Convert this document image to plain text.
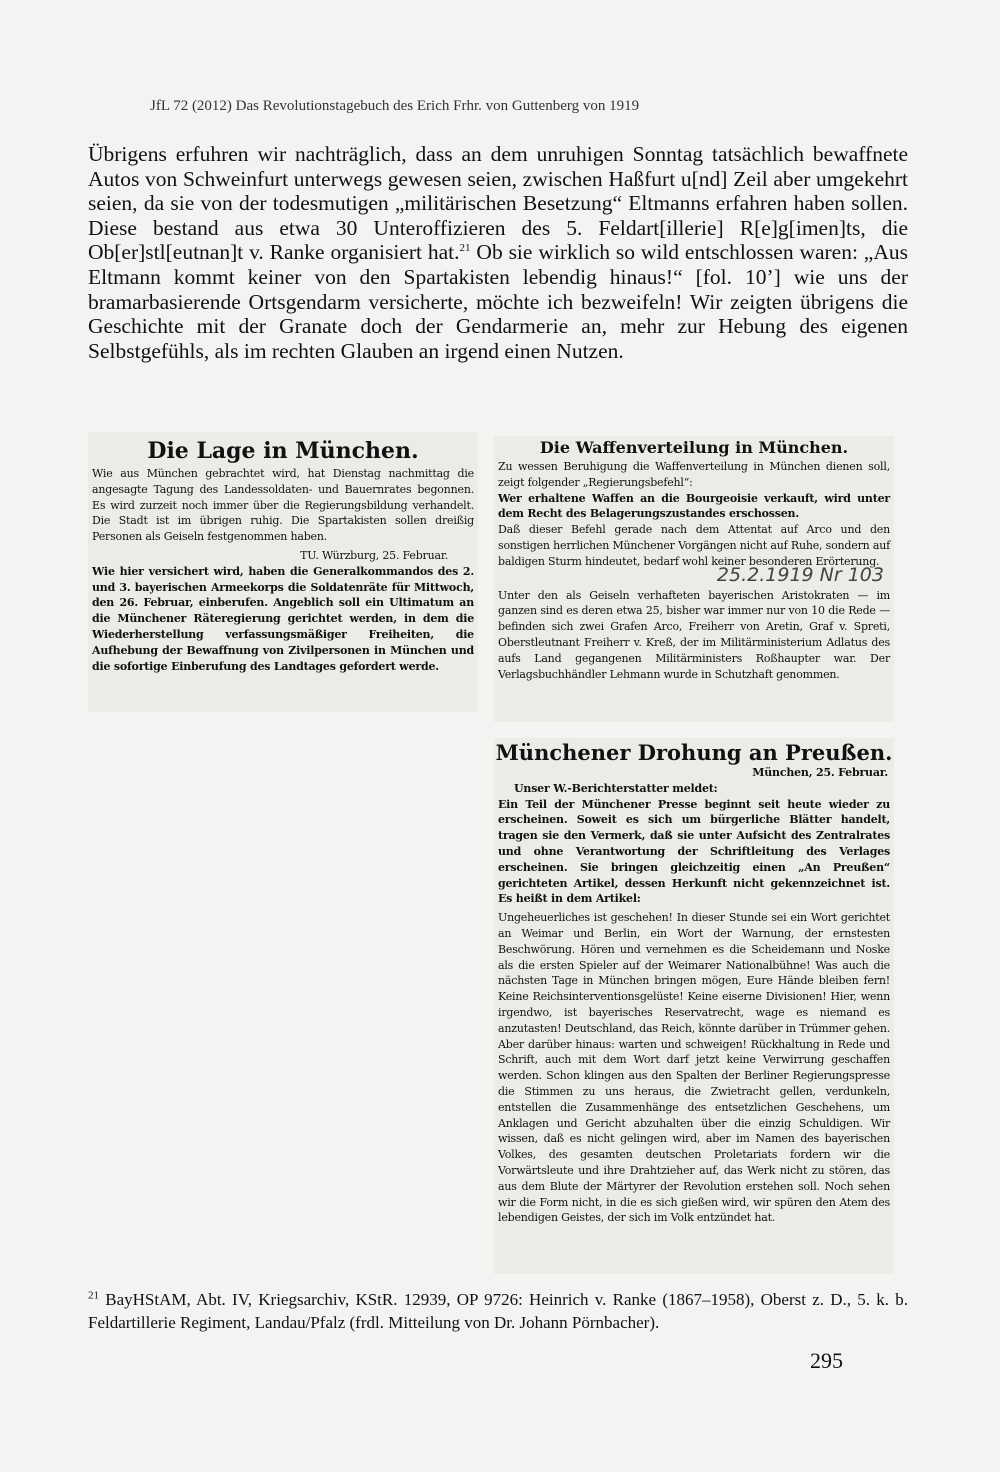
JfL 72 (2012) Das Revolutionstagebuch des Erich Frhr. von Guttenberg von 1919

Übrigens erfuhren wir nachträglich, dass an dem unruhigen Sonntag tatsächlich bewaffnete Autos von Schweinfurt unterwegs gewesen seien, zwischen Haßfurt u[nd] Zeil aber umgekehrt seien, da sie von der todesmutigen „militärischen Besetzung“ Eltmanns erfahren haben sollen. Diese bestand aus etwa 30 Unteroffizieren des 5. Feldart[illerie] R[e]g[imen]ts, die Ob[er]stl[eutnan]t v. Ranke organisiert hat.$^{21}$ Ob sie wirklich so wild entschlossen waren: „Aus Eltmann kommt keiner von den Spartakisten lebendig hinaus!“ [fol. 10’] wie uns der bramarbasierende Ortsgendarm versicherte, möchte ich bezweifeln! Wir zeigten übrigens die Geschichte mit der Granate doch der Gendarmerie an, mehr zur Hebung des eigenen Selbstgefühls, als im rechten Glauben an irgend einen Nutzen.

Die Lage in München.

Wie aus München gebrachtet wird, hat Dienstag nachmittag die angesagte Tagung des Landessoldaten- und Bauernrates begonnen. Es wird zurzeit noch immer über die Regierungsbildung verhandelt. Die Stadt ist im übrigen ruhig. Die Spartakisten sollen dreißig Personen als Geiseln festgenommen haben.

TU. Würzburg, 25. Februar.

Wie hier versichert wird, haben die Generalkommandos des 2. und 3. bayerischen Armeekorps die Soldatenräte für Mittwoch, den 26. Februar, einberufen. Angeblich soll ein Ultimatum an die Münchener Räteregierung gerichtet werden, in dem die Wiederherstellung verfassungsmäßiger Freiheiten, die Aufhebung der Bewaffnung von Zivilpersonen in München und die sofortige Einberufung des Landtages gefordert werde.

Die Waffenverteilung in München.

Zu wessen Beruhigung die Waffenverteilung in München dienen soll, zeigt folgender „Regierungsbefehl“:

Wer erhaltene Waffen an die Bourgeoisie verkauft, wird unter dem Recht des Belagerungszustandes erschossen.

Daß dieser Befehl gerade nach dem Attentat auf Arco und den sonstigen herrlichen Münchener Vorgängen nicht auf Ruhe, sondern auf baldigen Sturm hindeutet, bedarf wohl keiner besonderen Erörterung.

25.2.1919 Nr 103

Unter den als Geiseln verhafteten bayerischen Aristokraten — im ganzen sind es deren etwa 25, bisher war immer nur von 10 die Rede — befinden sich zwei Grafen Arco, Freiherr von Aretin, Graf v. Spreti, Oberstleutnant Freiherr v. Kreß, der im Militärministerium Adlatus des aufs Land gegangenen Militärministers Roßhaupter war. Der Verlagsbuchhändler Lehmann wurde in Schutzhaft genommen.

Münchener Drohung an Preußen.

München, 25. Februar.

Unser W.-Berichterstatter meldet:

Ein Teil der Münchener Presse beginnt seit heute wieder zu erscheinen. Soweit es sich um bürgerliche Blätter handelt, tragen sie den Vermerk, daß sie unter Aufsicht des Zentralrates und ohne Verantwortung der Schriftleitung des Verlages erscheinen. Sie bringen gleichzeitig einen „An Preußen“ gerichteten Artikel, dessen Herkunft nicht gekennzeichnet ist. Es heißt in dem Artikel:

Ungeheuerliches ist geschehen! In dieser Stunde sei ein Wort gerichtet an Weimar und Berlin, ein Wort der Warnung, der ernstesten Beschwörung. Hören und vernehmen es die Scheidemann und Noske als die ersten Spieler auf der Weimarer Nationalbühne! Was auch die nächsten Tage in München bringen mögen, Eure Hände bleiben fern! Keine Reichsinterventionsgelüste! Keine eiserne Divisionen! Hier, wenn irgendwo, ist bayerisches Reservatrecht, wage es niemand es anzutasten! Deutschland, das Reich, könnte darüber in Trümmer gehen. Aber darüber hinaus: warten und schweigen! Rückhaltung in Rede und Schrift, auch mit dem Wort darf jetzt keine Verwirrung geschaffen werden. Schon klingen aus den Spalten der Berliner Regierungspresse die Stimmen zu uns heraus, die Zwietracht gellen, verdunkeln, entstellen die Zusammenhänge des entsetzlichen Geschehens, um Anklagen und Gericht abzuhalten über die einzig Schuldigen. Wir wissen, daß es nicht gelingen wird, aber im Namen des bayerischen Volkes, des gesamten deutschen Proletariats fordern wir die Vorwärtsleute und ihre Drahtzieher auf, das Werk nicht zu stören, das aus dem Blute der Märtyrer der Revolution erstehen soll. Noch sehen wir die Form nicht, in die es sich gießen wird, wir spüren den Atem des lebendigen Geistes, der sich im Volk entzündet hat.

$^{21}$ BayHStAM, Abt. IV, Kriegsarchiv, KStR. 12939, OP 9726: Heinrich v. Ranke (1867–1958), Oberst z. D., 5. k. b. Feldartillerie Regiment, Landau/Pfalz (frdl. Mitteilung von Dr. Johann Pörnbacher).

295
